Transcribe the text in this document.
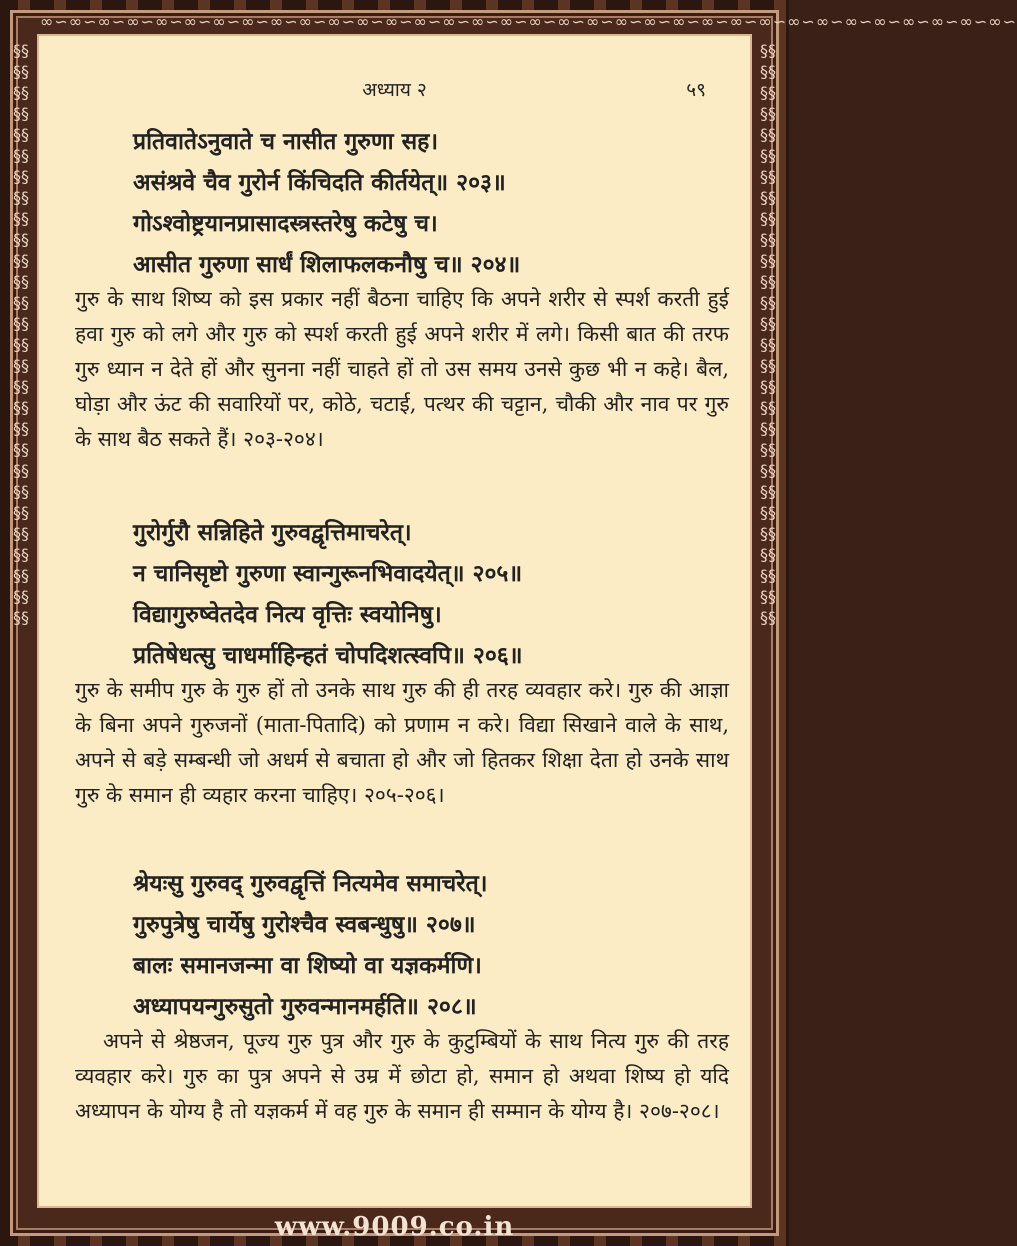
∞∽∞∽∞∽∞∽∞∽∞∽∞∽∞∽∞∽∞∽∞∽∞∽∞∽∞∽∞∽∞∽∞∽∞∽∞∽∞∽∞∽∞∽∞∽∞∽∞∽∞∽∞∽∞∽∞∽∞∽∞∽∞∽∞∽∞∽
§§§§§§§§§§§§§§§§§§§§§§§§§§§§§§§§§§§§§§§§§§§§§§§§§§§§§§§§
§§§§§§§§§§§§§§§§§§§§§§§§§§§§§§§§§§§§§§§§§§§§§§§§§§§§§§§§
अध्याय २	५९
प्रतिवातेऽनुवाते च नासीत गुरुणा सह।
असंश्रवे चैव गुरोर्न किंचिदति कीर्तयेत्॥ २०३॥
गोऽश्वोष्ट्रयानप्रासादस्त्रस्तरेषु कटेषु च।
आसीत गुरुणा सार्धं शिलाफलकनौषु च॥ २०४॥
गुरु के साथ शिष्य को इस प्रकार नहीं बैठना चाहिए कि अपने शरीर से स्पर्श करती हुई हवा गुरु को लगे और गुरु को स्पर्श करती हुई अपने शरीर में लगे। किसी बात की तरफ गुरु ध्यान न देते हों और सुनना नहीं चाहते हों तो उस समय उनसे कुछ भी न कहे। बैल, घोड़ा और ऊंट की सवारियों पर, कोठे, चटाई, पत्थर की चट्टान, चौकी और नाव पर गुरु के साथ बैठ सकते हैं। २०३-२०४।
गुरोर्गुरौ सन्निहिते गुरुवद्वृत्तिमाचरेत्।
न चानिसृष्टो गुरुणा स्वान्गुरूनभिवादयेत्॥ २०५॥
विद्यागुरुष्वेतदेव नित्य वृत्तिः स्वयोनिषु।
प्रतिषेधत्सु चाधर्माहिन्हतं चोपदिशत्स्वपि॥ २०६॥
गुरु के समीप गुरु के गुरु हों तो उनके साथ गुरु की ही तरह व्यवहार करे। गुरु की आज्ञा के बिना अपने गुरुजनों (माता-पितादि) को प्रणाम न करे। विद्या सिखाने वाले के साथ, अपने से बड़े सम्बन्धी जो अधर्म से बचाता हो और जो हितकर शिक्षा देता हो उनके साथ गुरु के समान ही व्यहार करना चाहिए। २०५-२०६।
श्रेयःसु गुरुवद् गुरुवद्वृत्तिं नित्यमेव समाचरेत्।
गुरुपुत्रेषु चार्येषु गुरोश्चैव स्वबन्धुषु॥ २०७॥
बालः समानजन्मा वा शिष्यो वा यज्ञकर्मणि।
अध्यापयन्गुरुसुतो गुरुवन्मानमर्हति॥ २०८॥
अपने से श्रेष्ठजन, पूज्य गुरु पुत्र और गुरु के कुटुम्बियों के साथ नित्य गुरु की तरह व्यवहार करे। गुरु का पुत्र अपने से उम्र में छोटा हो, समान हो अथवा शिष्य हो यदि अध्यापन के योग्य है तो यज्ञकर्म में वह गुरु के समान ही सम्मान के योग्य है। २०७-२०८।
www.9009.co.in
